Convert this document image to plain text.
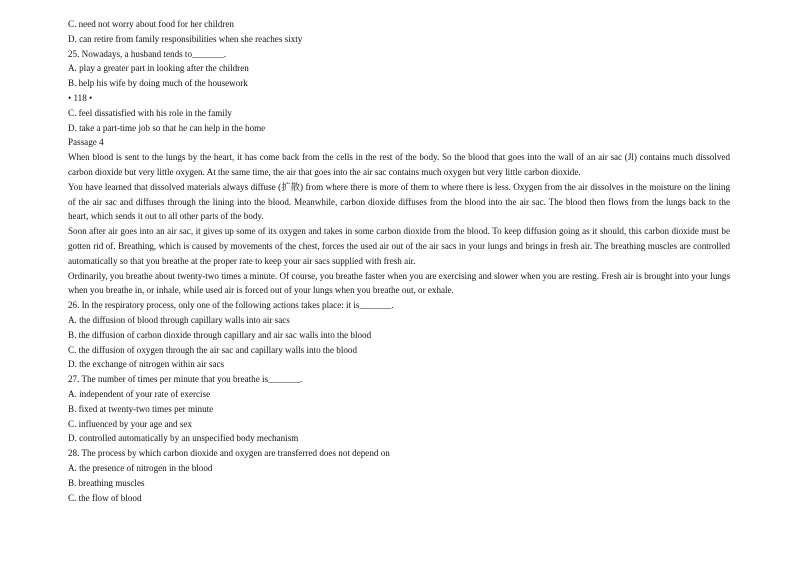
C. need not worry about food for her children
D. can retire from family responsibilities when she reaches sixty
25. Nowadays, a husband tends to_______.
A. play a greater part in looking after the children
B. help his wife by doing much of the housework
• 118 •
C. feel dissatisfied with his role in the family
D. take a part-time job so that he can help in the home
Passage 4
When blood is sent to the lungs by the heart, it has come back from the cells in the rest of the body. So the blood that goes into the wall of an air sac (Jl) contains much dissolved carbon dioxide but very little oxygen. At the same time, the air that goes into the air sac contains much oxygen but very little carbon dioxide.
You have learned that dissolved materials always diffuse (扩散) from where there is more of them to where there is less. Oxygen from the air dissolves in the moisture on the lining of the air sac and diffuses through the lining into the blood. Meanwhile, carbon dioxide diffuses from the blood into the air sac. The blood then flows from the lungs back to the heart, which sends it out to all other parts of the body.
Soon after air goes into an air sac, it gives up some of its oxygen and takes in some carbon dioxide from the blood. To keep diffusion going as it should, this carbon dioxide must be gotten rid of. Breathing, which is caused by movements of the chest, forces the used air out of the air sacs in your lungs and brings in fresh air. The breathing muscles are controlled automatically so that you breathe at the proper rate to keep your air sacs supplied with fresh air.
Ordinarily, you breathe about twenty-two times a minute. Of course, you breathe faster when you are exercising and slower when you are resting. Fresh air is brought into your lungs when you breathe in, or inhale, while used air is forced out of your lungs when you breathe out, or exhale.
26. In the respiratory process, only one of the following actions takes place: it is_______.
A. the diffusion of blood through capillary walls into air sacs
B. the diffusion of carbon dioxide through capillary and air sac walls into the blood
C. the diffusion of oxygen through the air sac and capillary walls into the blood
D. the exchange of nitrogen within air sacs
27. The number of times per minute that you breathe is_______.
A. independent of your rate of exercise
B. fixed at twenty-two times per minute
C. influenced by your age and sex
D. controlled automatically by an unspecified body mechanism
28. The process by which carbon dioxide and oxygen are transferred does not depend on
A. the presence of nitrogen in the blood
B. breathing muscles
C. the flow of blood
